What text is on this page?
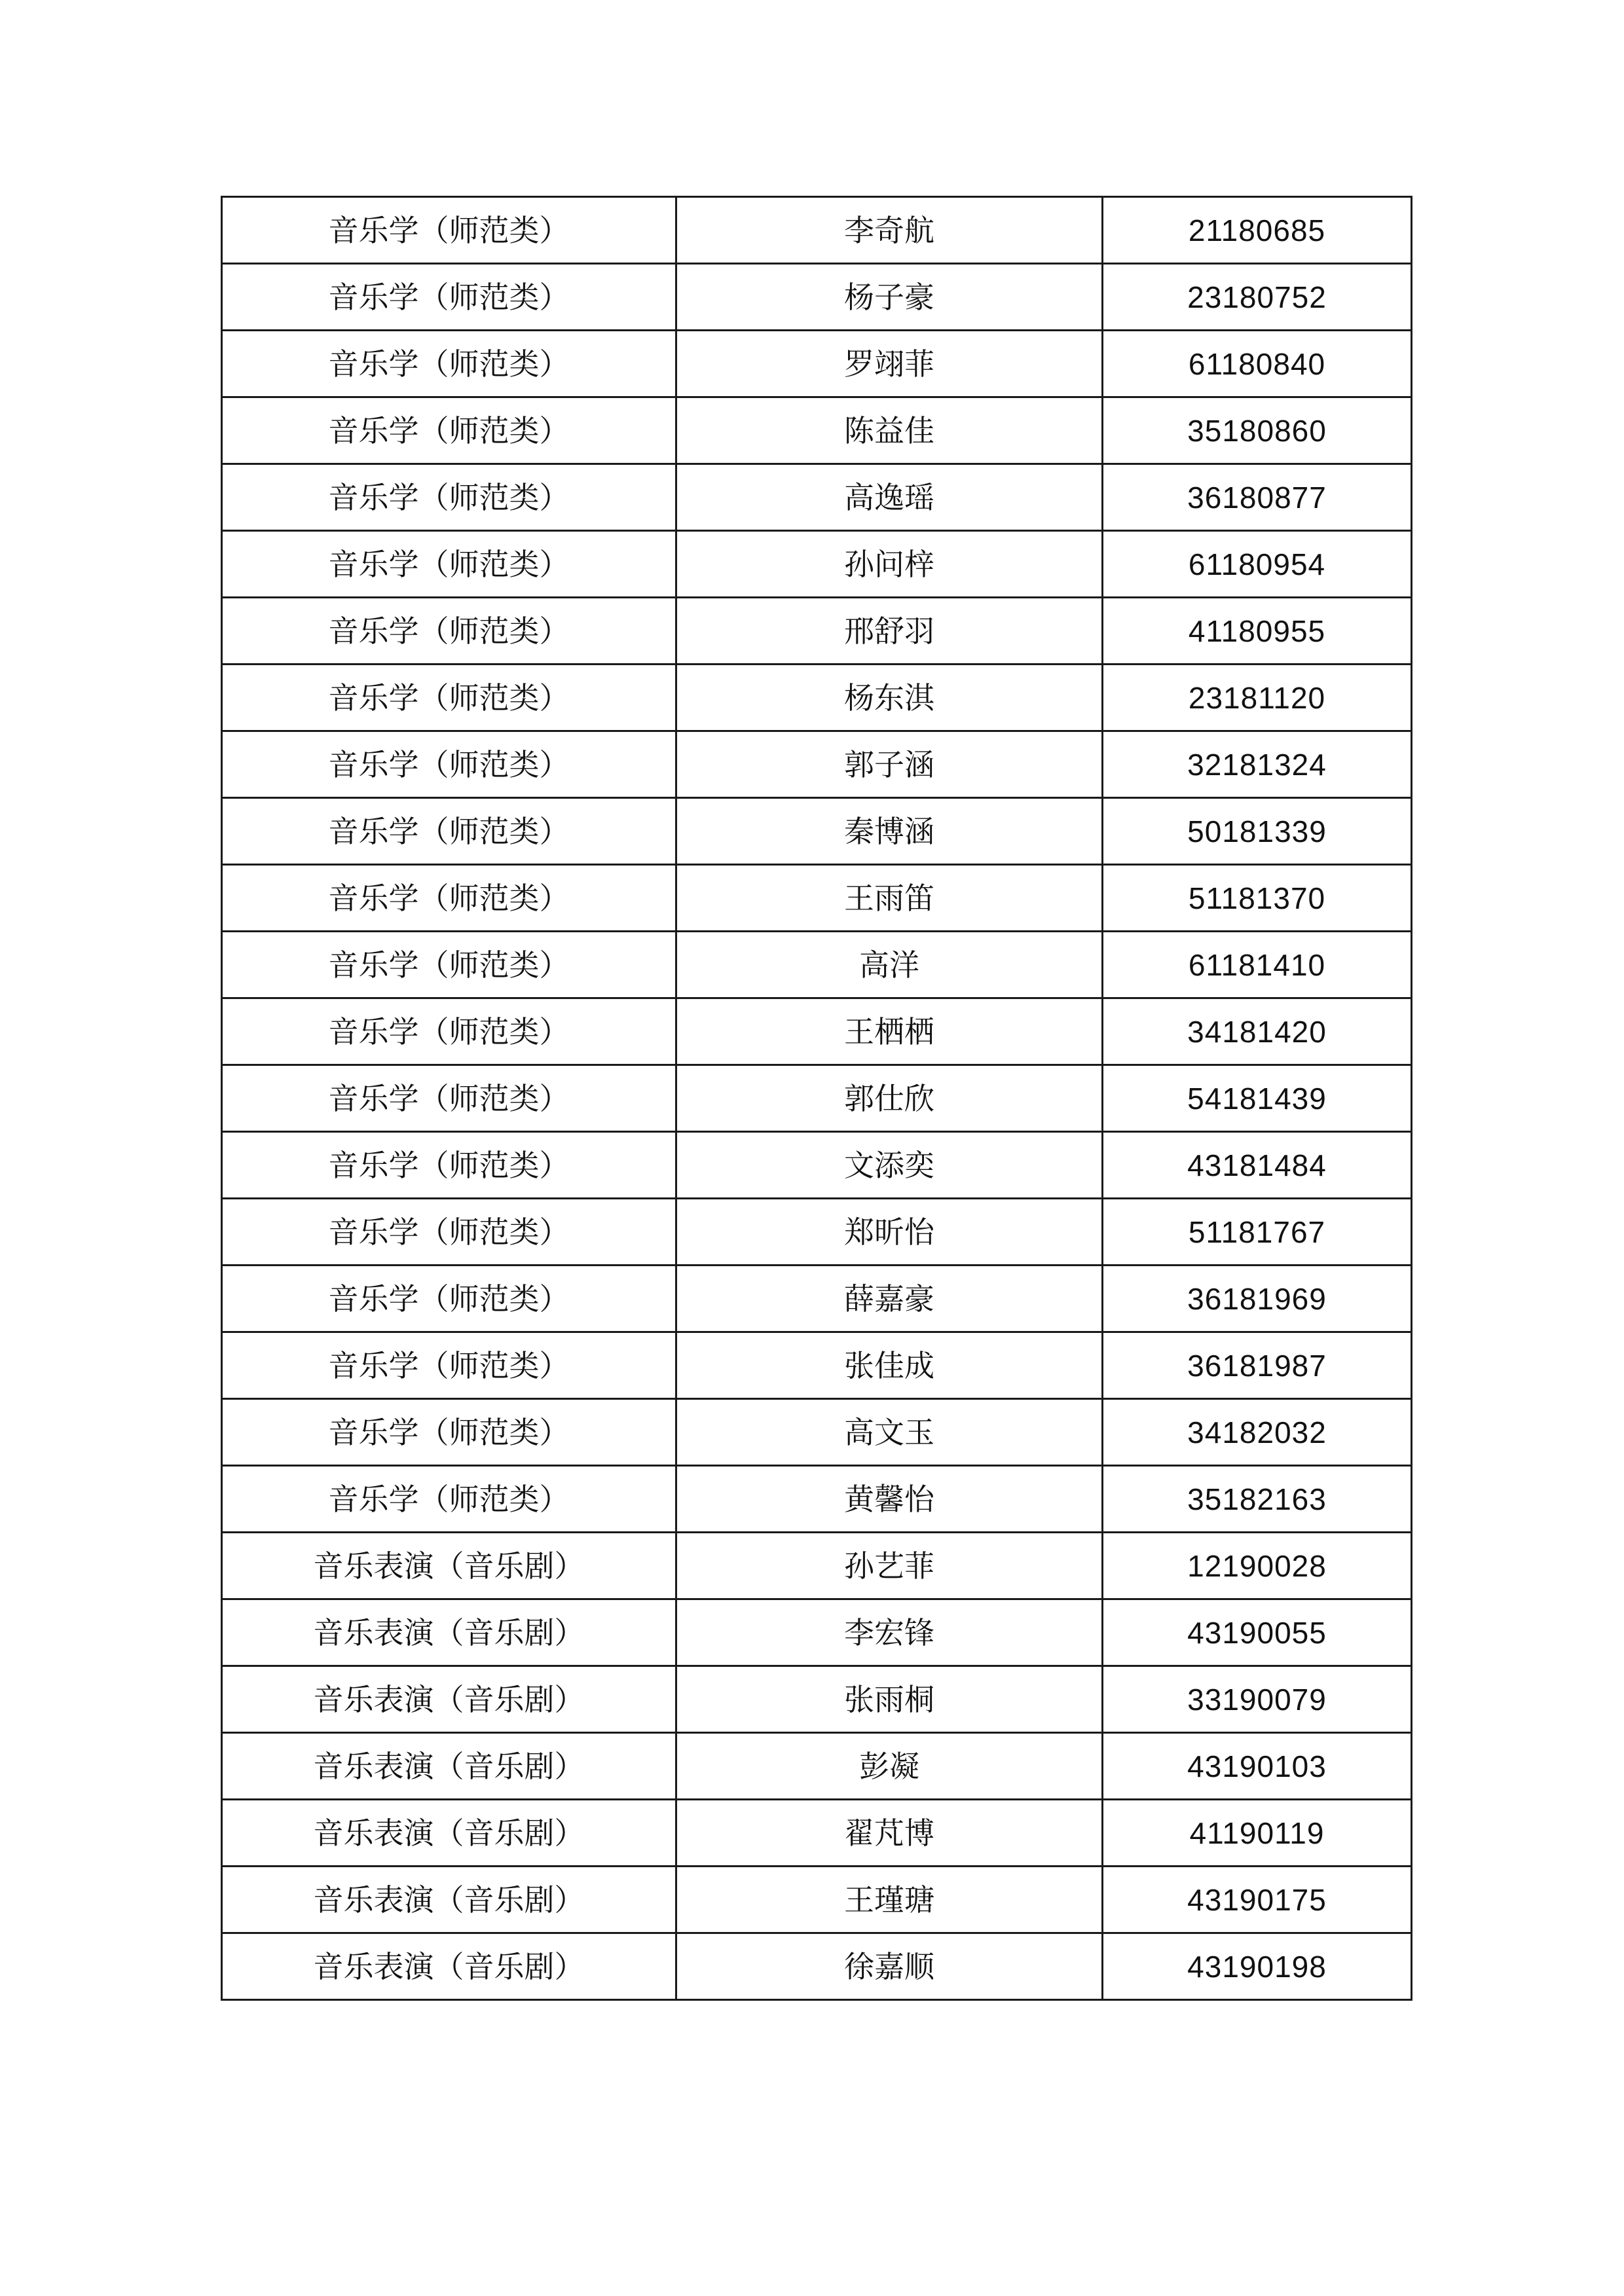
音乐学（师范类）	李奇航	21180685
音乐学（师范类）	杨子豪	23180752
音乐学（师范类）	罗翊菲	61180840
音乐学（师范类）	陈益佳	35180860
音乐学（师范类）	高逸瑶	36180877
音乐学（师范类）	孙问梓	61180954
音乐学（师范类）	邢舒羽	41180955
音乐学（师范类）	杨东淇	23181120
音乐学（师范类）	郭子涵	32181324
音乐学（师范类）	秦博涵	50181339
音乐学（师范类）	王雨笛	51181370
音乐学（师范类）	高洋	61181410
音乐学（师范类）	王栖栖	34181420
音乐学（师范类）	郭仕欣	54181439
音乐学（师范类）	文添奕	43181484
音乐学（师范类）	郑昕怡	51181767
音乐学（师范类）	薛嘉豪	36181969
音乐学（师范类）	张佳成	36181987
音乐学（师范类）	高文玉	34182032
音乐学（师范类）	黄馨怡	35182163
音乐表演（音乐剧）	孙艺菲	12190028
音乐表演（音乐剧）	李宏锋	43190055
音乐表演（音乐剧）	张雨桐	33190079
音乐表演（音乐剧）	彭凝	43190103
音乐表演（音乐剧）	翟芃博	41190119
音乐表演（音乐剧）	王瑾瑭	43190175
音乐表演（音乐剧）	徐嘉顺	43190198
